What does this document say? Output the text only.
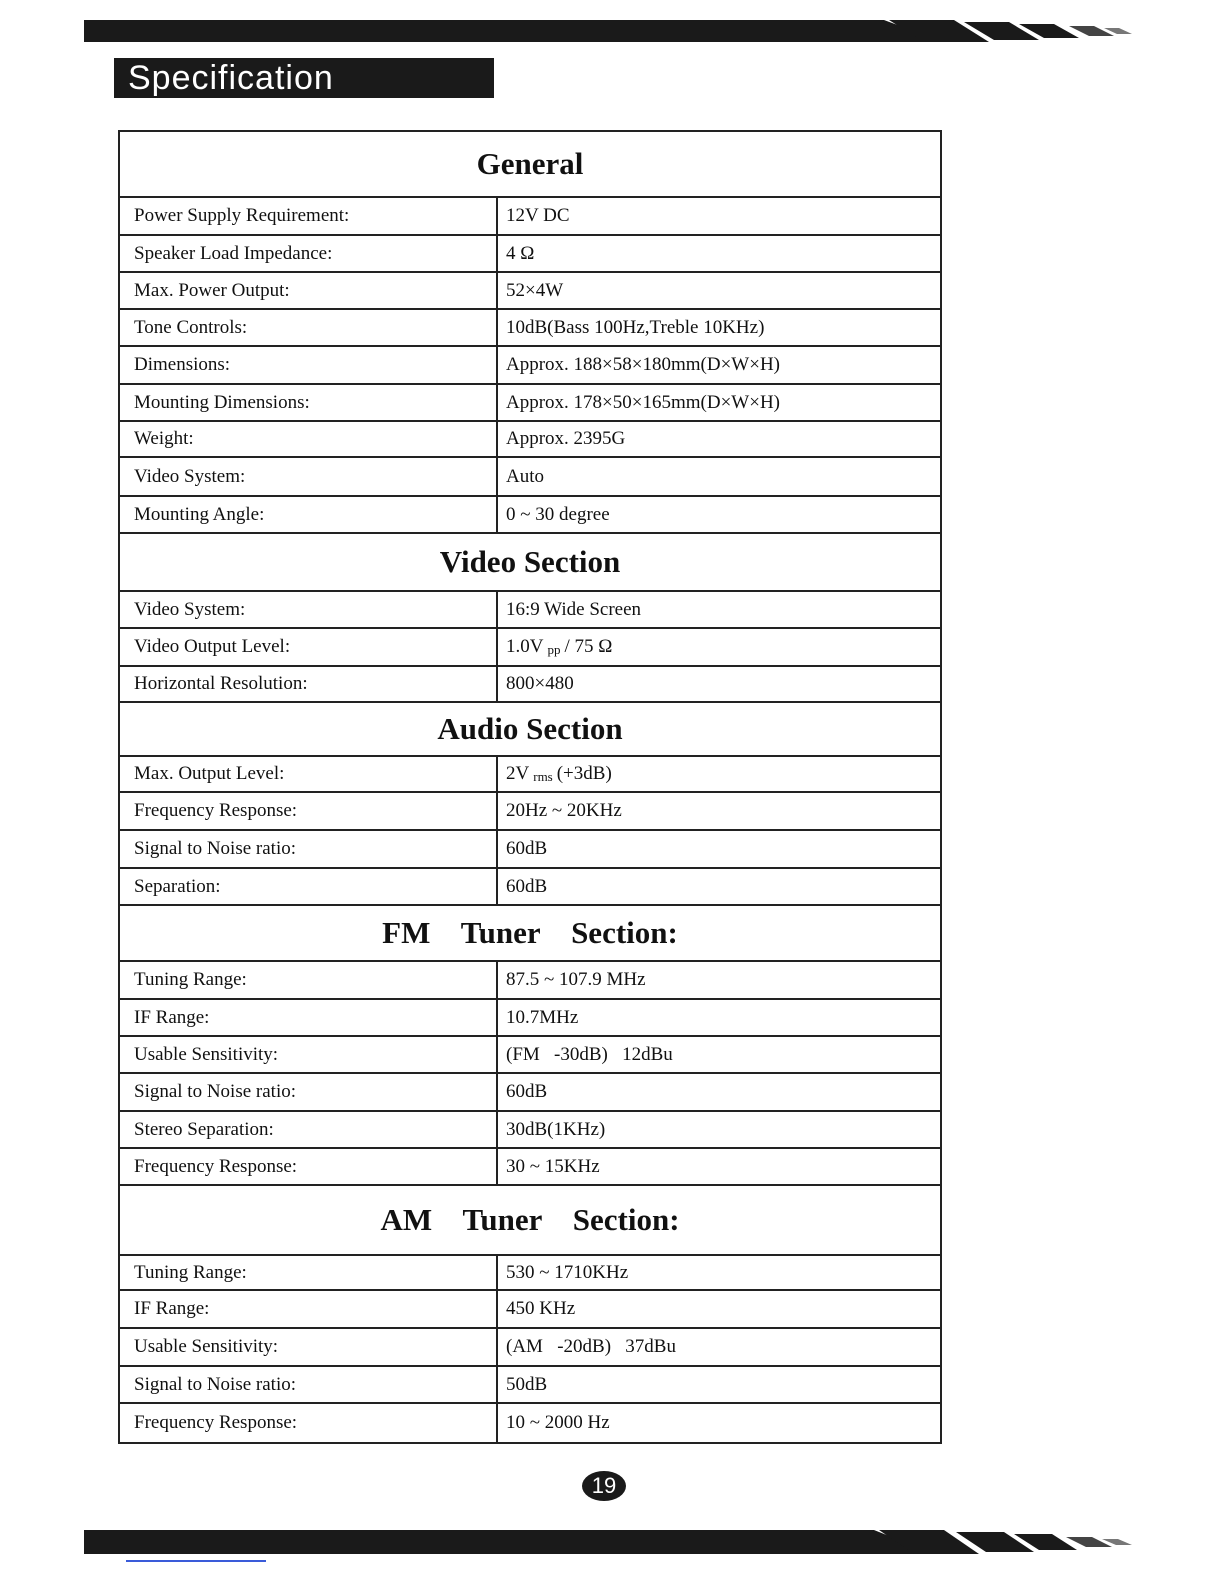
Specification
General
Power Supply Requirement:	12V DC
Speaker Load Impedance:	4 Ω
Max. Power Output:	52×4W
Tone Controls:	10dB(Bass 100Hz,Treble 10KHz)
Dimensions:	Approx. 188×58×180mm(D×W×H)
Mounting Dimensions:	Approx. 178×50×165mm(D×W×H)
Weight:	Approx. 2395G
Video System:	Auto
Mounting Angle:	0 ~ 30 degree
Video Section
Video System:	16:9 Wide Screen
Video Output Level:	1.0V pp / 75 Ω
Horizontal Resolution:	800×480
Audio Section
Max. Output Level:	2V rms (+3dB)
Frequency Response:	20Hz ~ 20KHz
Signal to Noise ratio:	60dB
Separation:	60dB
FM    Tuner    Section:
Tuning Range:	87.5 ~ 107.9 MHz
IF Range:	10.7MHz
Usable Sensitivity:	(FM   -30dB)   12dBu
Signal to Noise ratio:	60dB
Stereo Separation:	30dB(1KHz)
Frequency Response:	30 ~ 15KHz
AM    Tuner    Section:
Tuning Range:	530 ~ 1710KHz
IF Range:	450 KHz
Usable Sensitivity:	(AM   -20dB)   37dBu
Signal to Noise ratio:	50dB
Frequency Response:	10 ~ 2000 Hz
19
